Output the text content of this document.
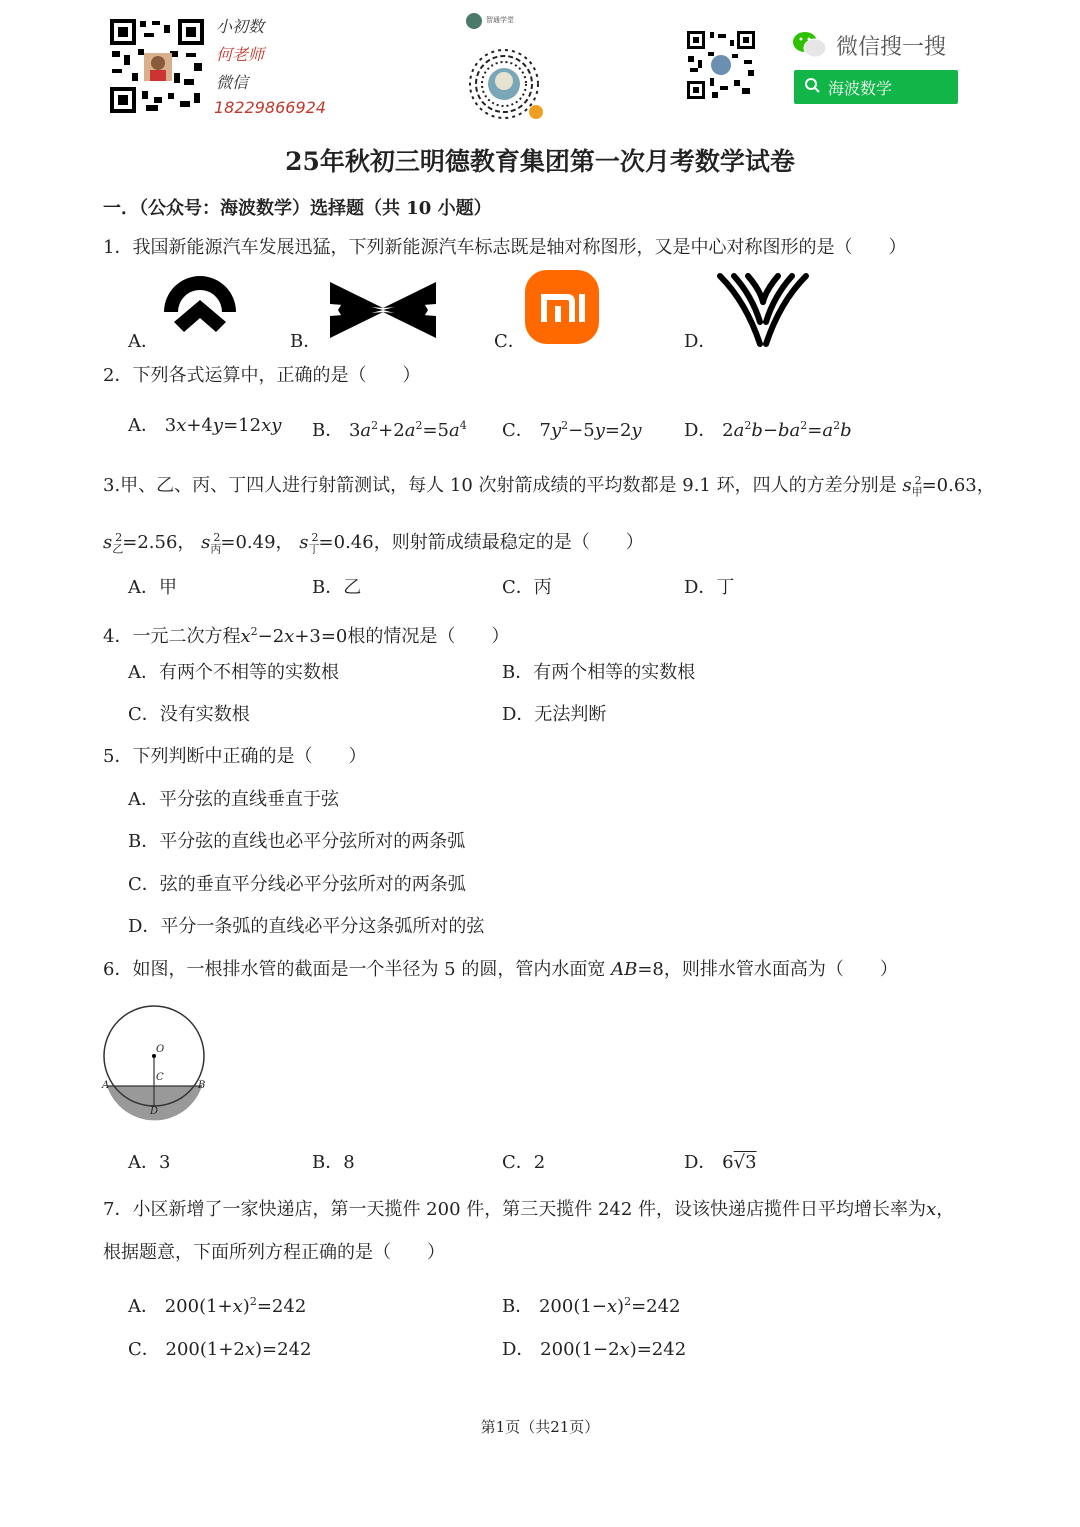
小初数
何老师
微信
18229866924
智通学堂
微信搜一搜
海波数学
25年秋初三明德教育集团第一次月考数学试卷
一．（公众号：海波数学）选择题（共 10 小题）
1．我国新能源汽车发展迅猛，下列新能源汽车标志既是轴对称图形，又是中心对称图形的是（　　）
A．	B．	C．	D．
2．下列各式运算中，正确的是（　　）
A． 3x+4y=12xy B． $3a^2+2a^2=5a^4$ C． $7y^2-5y=2y$ D． $2a^2b-ba^2=a^2b$
3.甲、乙、丙、丁四人进行射箭测试，每人 10 次射箭成绩的平均数都是 9.1 环，四人的方差分别是 $s_甲^2=0.63$，
$s_乙^2=2.56$， $s_丙^2=0.49$， $s_丁^2=0.46$，则射箭成绩最稳定的是（　　）
A．甲	B．乙	C．丙	D．丁
4．一元二次方程$x^2-2x+3=0$根的情况是（　　）
A．有两个不相等的实数根	B．有两个相等的实数根
C．没有实数根	D．无法判断
5．下列判断中正确的是（　　）
A．平分弦的直线垂直于弦
B．平分弦的直线也必平分弦所对的两条弧
C．弦的垂直平分线必平分弦所对的两条弧
D．平分一条弧的直线必平分这条弧所对的弦
6．如图，一根排水管的截面是一个半径为 5 的圆，管内水面宽 AB=8，则排水管水面高为（　　）
O
C
A	B
D
A．3	B．8	C．2	D． 6√3
7．小区新增了一家快递店，第一天揽件 200 件，第三天揽件 242 件，设该快递店揽件日平均增长率为x，
根据题意，下面所列方程正确的是（　　）
A． $200(1+x)^2=242$	B． $200(1-x)^2=242$
C． 200(1+2x)=242	D． 200(1−2x)=242
第1页（共21页）
